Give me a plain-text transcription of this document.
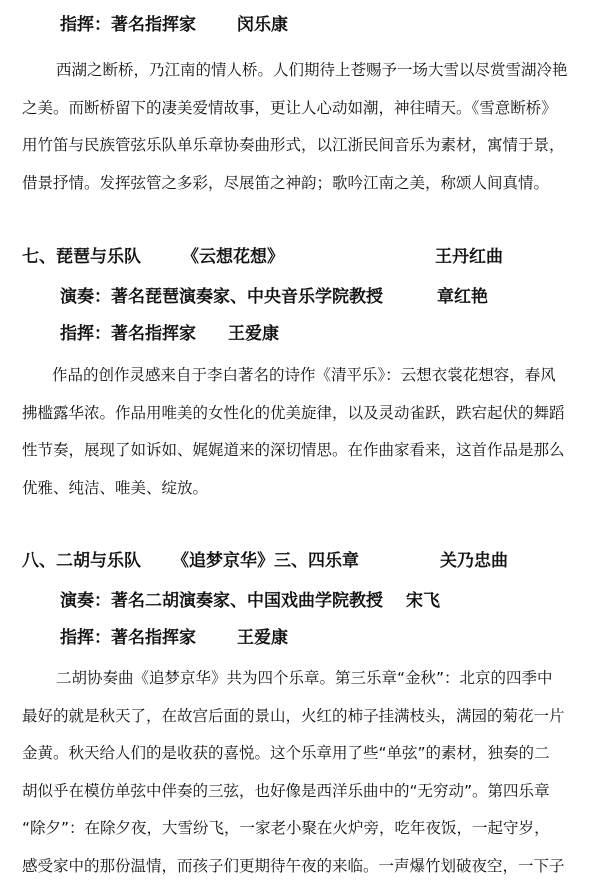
指挥：著名指挥家 闵乐康
西湖之断桥，乃江南的情人桥。人们期待上苍赐予一场大雪以尽赏雪湖冷艳
之美。而断桥留下的凄美爱情故事，更让人心动如潮，神往晴天。《雪意断桥》
用竹笛与民族管弦乐队单乐章协奏曲形式，以江浙民间音乐为素材，寓情于景，
借景抒情。发挥弦管之多彩，尽展笛之神韵；歌吟江南之美，称颂人间真情。
七、琵琶与乐队 《云想花想》	王丹红曲
演奏：著名琵琶演奏家、中央音乐学院教授	章红艳
指挥：著名指挥家 王爱康
作品的创作灵感来自于李白著名的诗作《清平乐》：云想衣裳花想容，春风
拂槛露华浓。作品用唯美的女性化的优美旋律，以及灵动雀跃，跌宕起伏的舞蹈
性节奏，展现了如诉如、娓娓道来的深切情思。在作曲家看来，这首作品是那么
优雅、纯洁、唯美、绽放。
八、二胡与乐队 《追梦京华》三、四乐章	关乃忠曲
演奏：著名二胡演奏家、中国戏曲学院教授 宋飞
指挥：著名指挥家 王爱康
二胡协奏曲《追梦京华》共为四个乐章。第三乐章“金秋”：北京的四季中
最好的就是秋天了，在故宫后面的景山，火红的柿子挂满枝头，满园的菊花一片
金黄。秋天给人们的是收获的喜悦。这个乐章用了些“单弦”的素材，独奏的二
胡似乎在模仿单弦中伴奏的三弦，也好像是西洋乐曲中的“无穷动”。第四乐章
“除夕”：在除夕夜，大雪纷飞，一家老小聚在火炉旁，吃年夜饭，一起守岁，
感受家中的那份温情，而孩子们更期待午夜的来临。一声爆竹划破夜空，一下子
